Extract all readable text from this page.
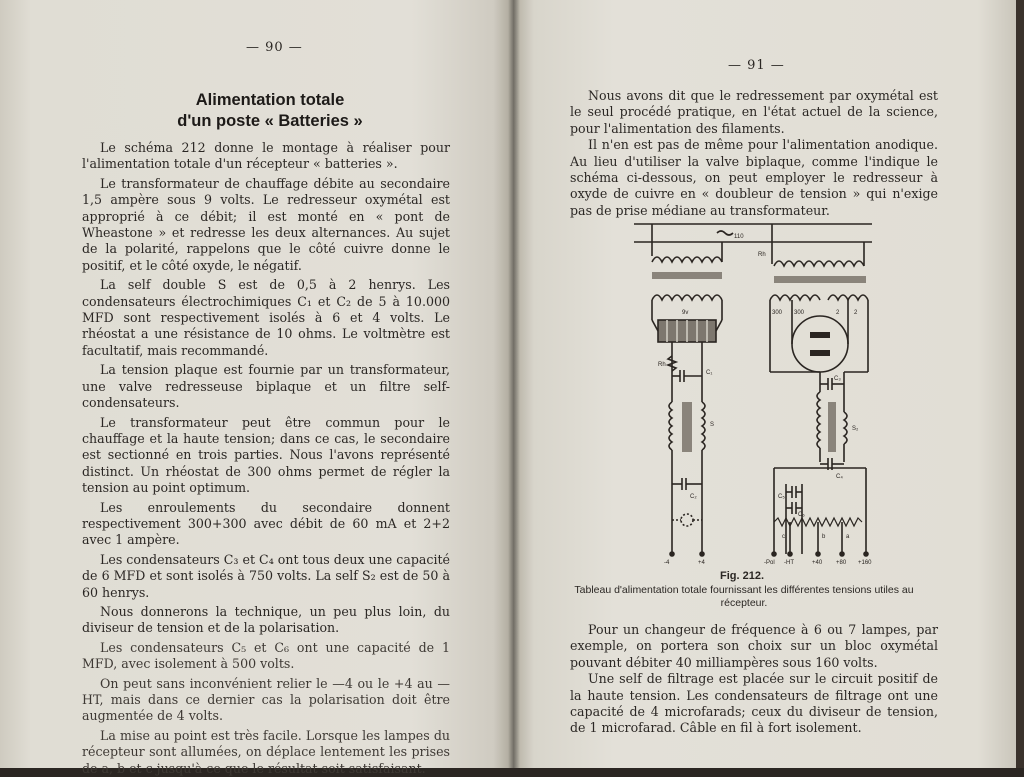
— 90 —
Alimentation totale
d'un poste « Batteries »

Le schéma 212 donne le montage à réaliser pour l'alimentation totale d'un récepteur « batteries ».

Le transformateur de chauffage débite au secondaire 1,5 ampère sous 9 volts. Le redresseur oxymétal est approprié à ce débit; il est monté en « pont de Wheastone » et redresse les deux alternances. Au sujet de la polarité, rappelons que le côté cuivre donne le positif, et le côté oxyde, le négatif.

La self double S est de 0,5 à 2 henrys. Les condensateurs électrochimiques C₁ et C₂ de 5 à 10.000 MFD sont respectivement isolés à 6 et 4 volts. Le rhéostat a une résistance de 10 ohms. Le voltmètre est facultatif, mais recommandé.

La tension plaque est fournie par un transformateur, une valve redresseuse biplaque et un filtre self-condensateurs.

Le transformateur peut être commun pour le chauffage et la haute tension; dans ce cas, le secondaire est sectionné en trois parties. Nous l'avons représenté distinct. Un rhéostat de 300 ohms permet de régler la tension au point optimum.

Les enroulements du secondaire donnent respectivement 300+300 avec débit de 60 mA et 2+2 avec 1 ampère.

Les condensateurs C₃ et C₄ ont tous deux une capacité de 6 MFD et sont isolés à 750 volts. La self S₂ est de 50 à 60 henrys.

Nous donnerons la technique, un peu plus loin, du diviseur de tension et de la polarisation.

Les condensateurs C₅ et C₆ ont une capacité de 1 MFD, avec isolement à 500 volts.

On peut sans inconvénient relier le —4 ou le +4 au — HT, mais dans ce dernier cas la polarisation doit être augmentée de 4 volts.

La mise au point est très facile. Lorsque les lampes du récepteur sont allumées, on déplace lentement les prises de a, b et c jusqu'à ce que le résultat soit satisfaisant.

— 91 —

Nous avons dit que le redressement par oxymétal est le seul procédé pratique, en l'état actuel de la science, pour l'alimentation des filaments.

Il n'en est pas de même pour l'alimentation anodique. Au lieu d'utiliser la valve biplaque, comme l'indique le schéma ci-dessous, on peut employer le redresseur à oxyde de cuivre en « doubleur de tension » qui n'exige pas de prise médiane au transformateur.

110
Rh
9v	300 300	2 2
Rh
C₁
C₂
C₃
C₄
C₅
C₆
S
S₂
c	b	a
-4	+4	-Pol -HT	+40 +80 +160
Fig. 212.
Tableau d'alimentation totale fournissant les différentes tensions utiles au récepteur.

Pour un changeur de fréquence à 6 ou 7 lampes, par exemple, on portera son choix sur un bloc oxymétal pouvant débiter 40 milliampères sous 160 volts.

Une self de filtrage est placée sur le circuit positif de la haute tension. Les condensateurs de filtrage ont une capacité de 4 microfarads; ceux du diviseur de tension, de 1 microfarad. Câble en fil à fort isolement.
